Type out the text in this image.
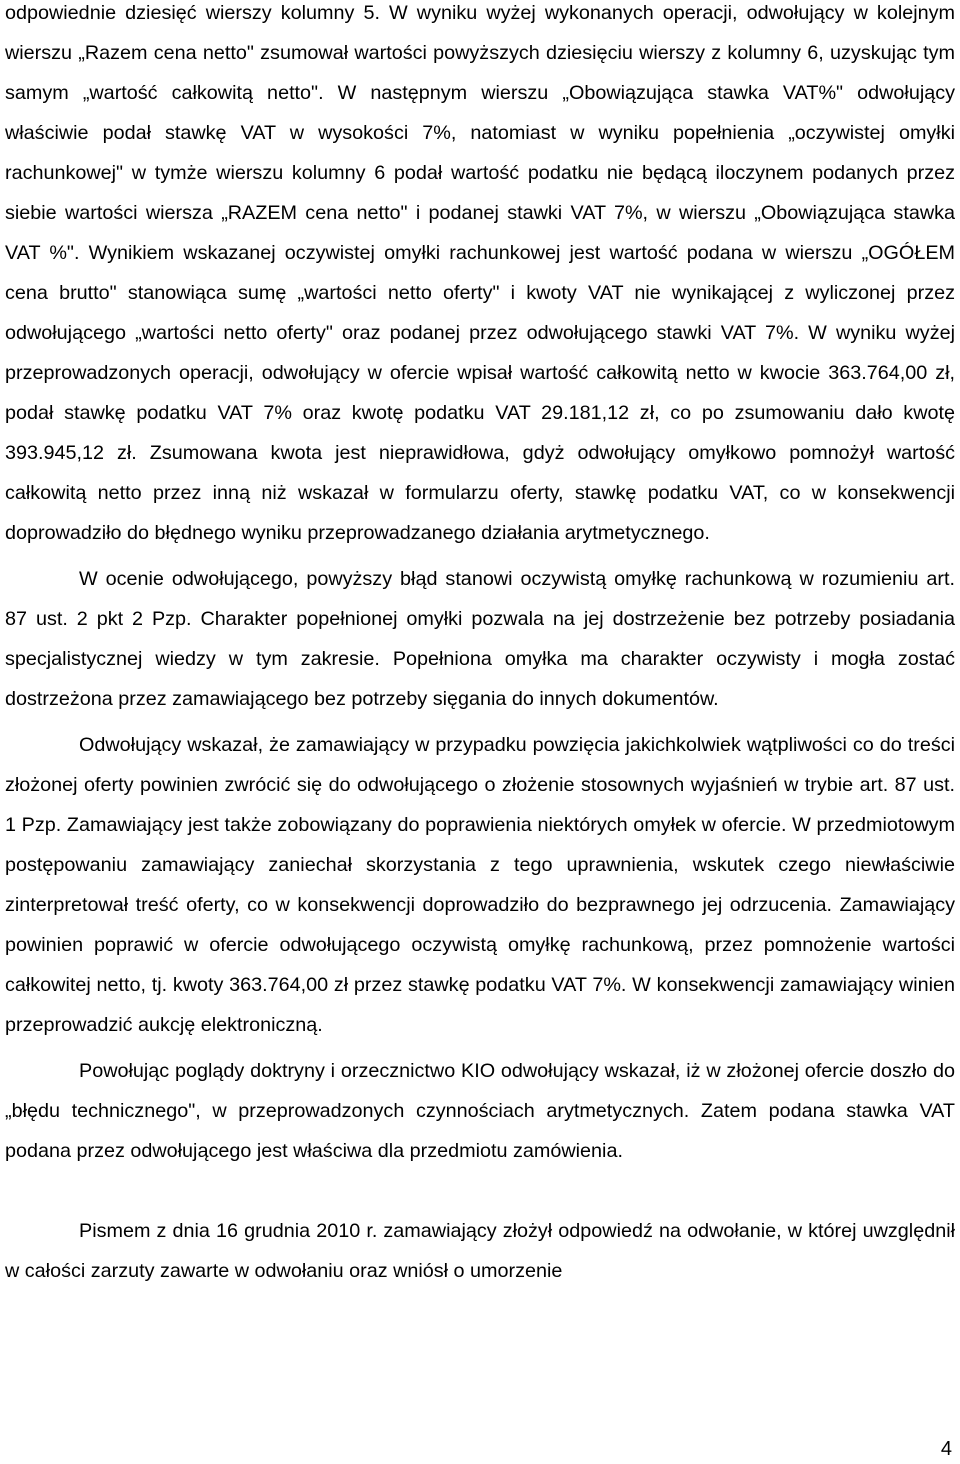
odpowiednie dziesięć wierszy kolumny 5. W wyniku wyżej wykonanych operacji, odwołujący w kolejnym wierszu „Razem cena netto" zsumował wartości powyższych dziesięciu wierszy z kolumny 6, uzyskując tym samym „wartość całkowitą netto". W następnym wierszu „Obowiązująca stawka VAT%" odwołujący właściwie podał stawkę VAT w wysokości 7%, natomiast w wyniku popełnienia „oczywistej omyłki rachunkowej" w tymże wierszu kolumny 6 podał wartość podatku nie będącą iloczynem podanych przez siebie wartości wiersza „RAZEM cena netto" i podanej stawki VAT 7%, w wierszu „Obowiązująca stawka VAT %". Wynikiem wskazanej oczywistej omyłki rachunkowej jest wartość podana w wierszu „OGÓŁEM cena brutto" stanowiąca sumę „wartości netto oferty" i kwoty VAT nie wynikającej z wyliczonej przez odwołującego „wartości netto oferty" oraz podanej przez odwołującego stawki VAT 7%. W wyniku wyżej przeprowadzonych operacji, odwołujący w ofercie wpisał wartość całkowitą netto w kwocie 363.764,00 zł, podał stawkę podatku VAT 7% oraz kwotę podatku VAT 29.181,12 zł, co po zsumowaniu dało kwotę 393.945,12 zł. Zsumowana kwota jest nieprawidłowa, gdyż odwołujący omyłkowo pomnożył wartość całkowitą netto przez inną niż wskazał w formularzu oferty, stawkę podatku VAT, co w konsekwencji doprowadziło do błędnego wyniku przeprowadzanego działania arytmetycznego.

W ocenie odwołującego, powyższy błąd stanowi oczywistą omyłkę rachunkową w rozumieniu art. 87 ust. 2 pkt 2 Pzp. Charakter popełnionej omyłki pozwala na jej dostrzeżenie bez potrzeby posiadania specjalistycznej wiedzy w tym zakresie. Popełniona omyłka ma charakter oczywisty i mogła zostać dostrzeżona przez zamawiającego bez potrzeby sięgania do innych dokumentów.

Odwołujący wskazał, że zamawiający w przypadku powzięcia jakichkolwiek wątpliwości co do treści złożonej oferty powinien zwrócić się do odwołującego o złożenie stosownych wyjaśnień w trybie art. 87 ust. 1 Pzp. Zamawiający jest także zobowiązany do poprawienia niektórych omyłek w ofercie. W przedmiotowym postępowaniu zamawiający zaniechał skorzystania z tego uprawnienia, wskutek czego niewłaściwie zinterpretował treść oferty, co w konsekwencji doprowadziło do bezprawnego jej odrzucenia. Zamawiający powinien poprawić w ofercie odwołującego oczywistą omyłkę rachunkową, przez pomnożenie wartości całkowitej netto, tj. kwoty 363.764,00 zł przez stawkę podatku VAT 7%. W konsekwencji zamawiający winien przeprowadzić aukcję elektroniczną.

Powołując poglądy doktryny i orzecznictwo KIO odwołujący wskazał, iż w złożonej ofercie doszło do „błędu technicznego", w przeprowadzonych czynnościach arytmetycznych. Zatem podana stawka VAT podana przez odwołującego jest właściwa dla przedmiotu zamówienia.

Pismem z dnia 16 grudnia 2010 r. zamawiający złożył odpowiedź na odwołanie, w której uwzględnił w całości zarzuty zawarte w odwołaniu oraz wniósł o umorzenie

4
